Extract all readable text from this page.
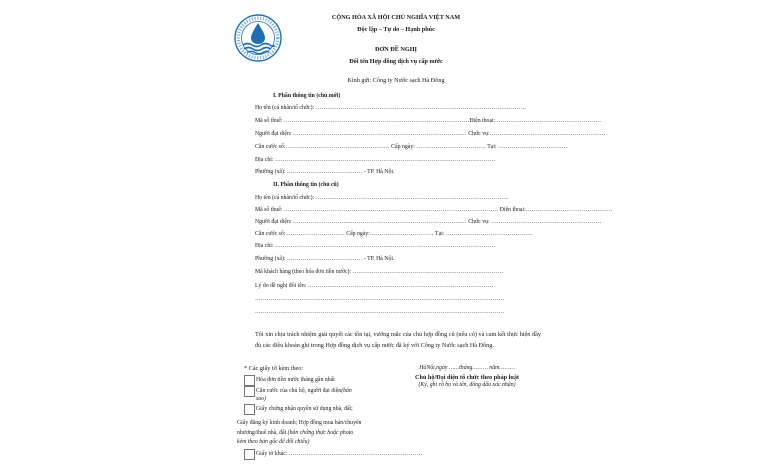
CỘNG HÒA XÃ HỘI CHỦ NGHĨA VIỆT NAM
Độc lập – Tự do – Hạnh phúc
ĐƠN ĐỀ NGHỊ
Đổi tên Hợp đồng dịch vụ cấp nước
Kính gửi: Công ty Nước sạch Hà Đông
I. Phần thông tin (chủ mới)
Họ tên (cá nhân/tổ chức): ……………………………………………………………………………………………….
Mã số thuế: ……………………………………………………………………………………Điện thoại: ………………………………………………
Người đại diện: ……………………………………………………………………………… Chức vụ:……………………………………………………
Căn cước số:……………………………………………… Cấp ngày: ……………………………… Tại: ………………………………
Địa chỉ: ……………………………………………………………………………………………………
Phường (xã): ………………………………… - TP. Hà Nội.
II. Phần thông tin (chủ cũ)
Họ tên (cá nhân/tổ chức): ……………………………………………………………………………………….
Mã số thuế: ………………………………………………………………………………………………… Điện thoại:………………………………………
Người đại diện: ……………………………………………………………………………… Chức vụ: …………………………………………………
Căn cước số: ………………………… Cấp ngày:…………………………… Tại: ………………………………………
Địa chỉ: ……………………………………………………………………………………………………
Phường (xã): ………………………………… - TP. Hà Nội.
Mã khách hàng (theo hóa đơn tiền nước): ……………………………………………………………………
Lý do đề nghị đổi tên: ……………………………………………………………………………………
…………………………………………………………………………………………………………………
…………………………………………………………………………………………………………………
Tôi xin chịu trách nhiệm giải quyết các tồn tại, vướng mắc của chủ hợp đồng cũ (nếu có) và cam kết thực hiện đầy đủ các điều khoản ghi trong Hợp đồng dịch vụ cấp nước đã ký với Công ty Nước sạch Hà Đông.
* Các giấy tờ kèm theo:
Hóa đơn tiền nước tháng gần nhất
Căn cước của chủ hộ, người đại diện(bản
sao)
Giấy chứng nhận quyền sử dụng nhà, đất;
Giấy đăng ký kinh doanh; Hợp đồng mua bán/chuyển
nhượng/thuê nhà, đất (bản chứng thực hoặc photo
kèm theo bản gốc để đối chiếu)
Giấy tờ khác: ……………………………………………………………
HàNội,ngày ……tháng……… năm………
Chủ hộ/Đại diện tổ chức theo pháp luật
(Ký, ghi rõ họ và tên, đóng dấu xác nhận)
